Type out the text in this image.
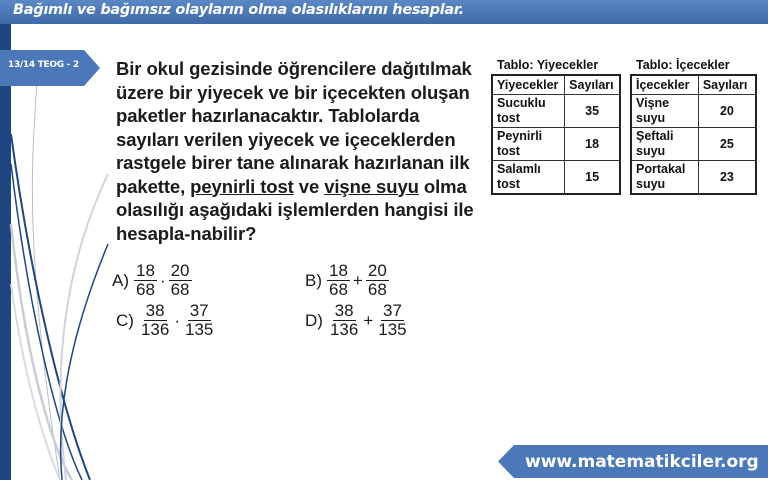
Bağımlı ve bağımsız olayların olma olasılıklarını hesaplar.
13/14 TEOG - 2 Bir okul gezisinde öğrencilere dağıtılmak üzere bir yiyecek ve bir içecekten oluşan paketler hazırlanacaktır. Tablolarda sayıları verilen yiyecek ve içeceklerden rastgele birer tane alınarak hazırlanan ilk pakette, peynirli tost ve vişne suyu olma olasılığı aşağıdaki işlemlerden hangisi ile hesapla-nabilir?
Tablo: Yiyecekler
Yiyecekler	Sayıları
Sucuklu
tost	35
Peynirli
tost	18
Salamlı
tost	15
Tablo: İçecekler
İçecekler	Sayıları
Vişne
suyu	20
Şeftali
suyu	25
Portakal
suyu	23
$A) \frac{18}{68} \cdot \frac{20}{68}$	$B) \frac{18}{68} + \frac{20}{68}$
$C) \frac{38}{136} \cdot \frac{37}{135}$	$D) \frac{38}{136} + \frac{37}{135}$
www.matematikciler.org
